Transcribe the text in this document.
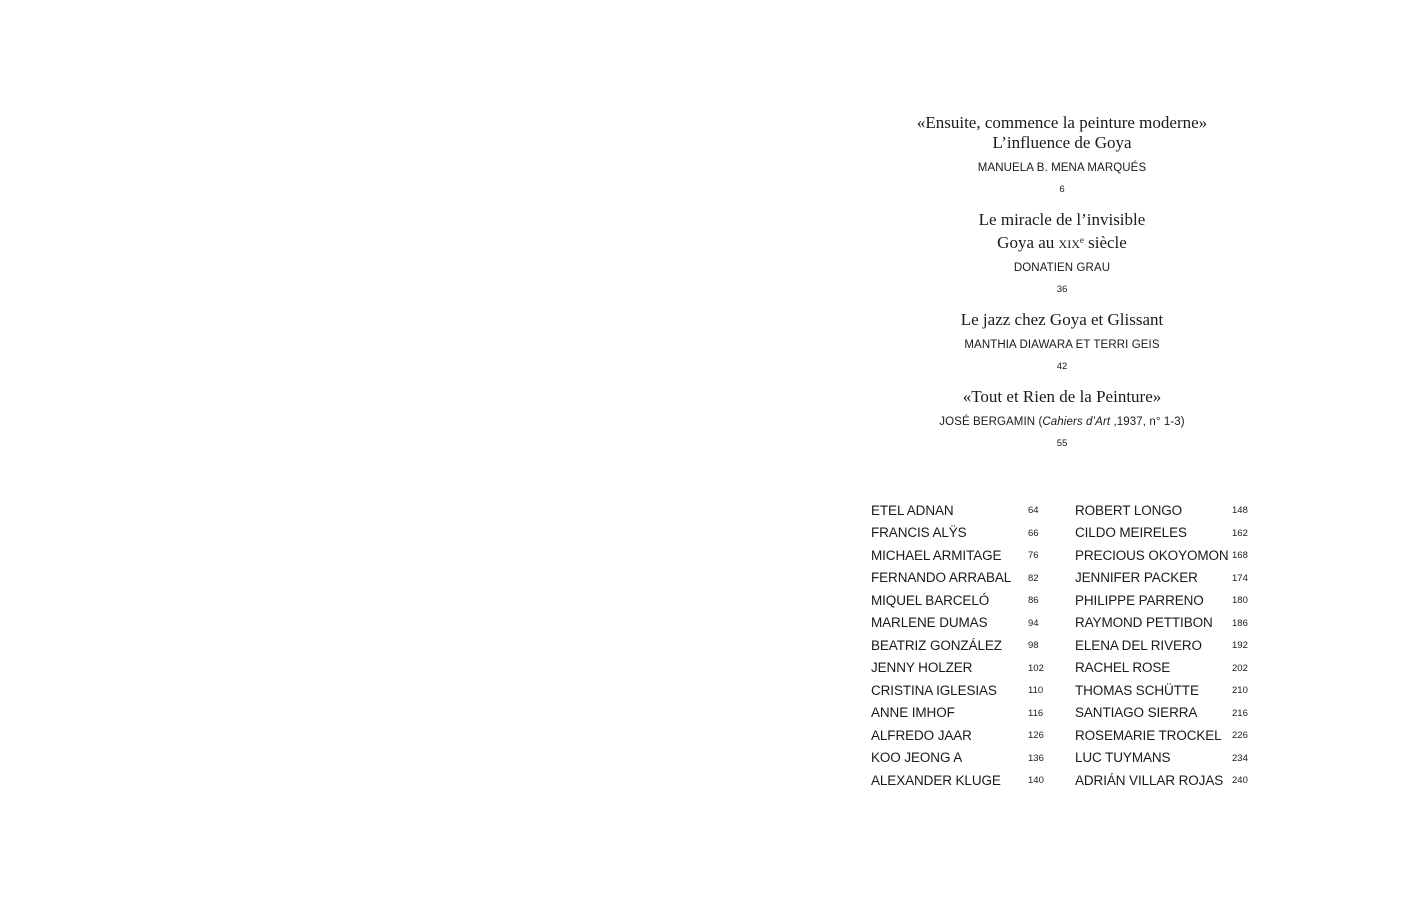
«Ensuite, commence la peinture moderne»
L’influence de Goya
MANUELA B. MENA MARQUÉS
6
Le miracle de l’invisible
Goya au xix$^e$ siècle
DONATIEN GRAU
36
Le jazz chez Goya et Glissant
MANTHIA DIAWARA ET TERRI GEIS
42
«Tout et Rien de la Peinture»
JOSÉ BERGAMIN (Cahiers d’Art ,1937, n° 1-3)
55
ETEL ADNAN	64
FRANCIS ALŸS	66
MICHAEL ARMITAGE	76
FERNANDO ARRABAL 82
MIQUEL BARCELÓ	86
MARLENE DUMAS	94
BEATRIZ GONZÁLEZ	98
JENNY HOLZER	102
CRISTINA IGLESIAS	110
ANNE IMHOF	116
ALFREDO JAAR	126
KOO JEONG A	136
ALEXANDER KLUGE	140
ROBERT LONGO	148
CILDO MEIRELES	162
PRECIOUS OKOYOMON 168
JENNIFER PACKER	174
PHILIPPE PARRENO	180
RAYMOND PETTIBON 186
ELENA DEL RIVERO	192
RACHEL ROSE	202
THOMAS SCHÜTTE	210
SANTIAGO SIERRA	216
ROSEMARIE TROCKEL 226
LUC TUYMANS	234
ADRIÁN VILLAR ROJAS 240
